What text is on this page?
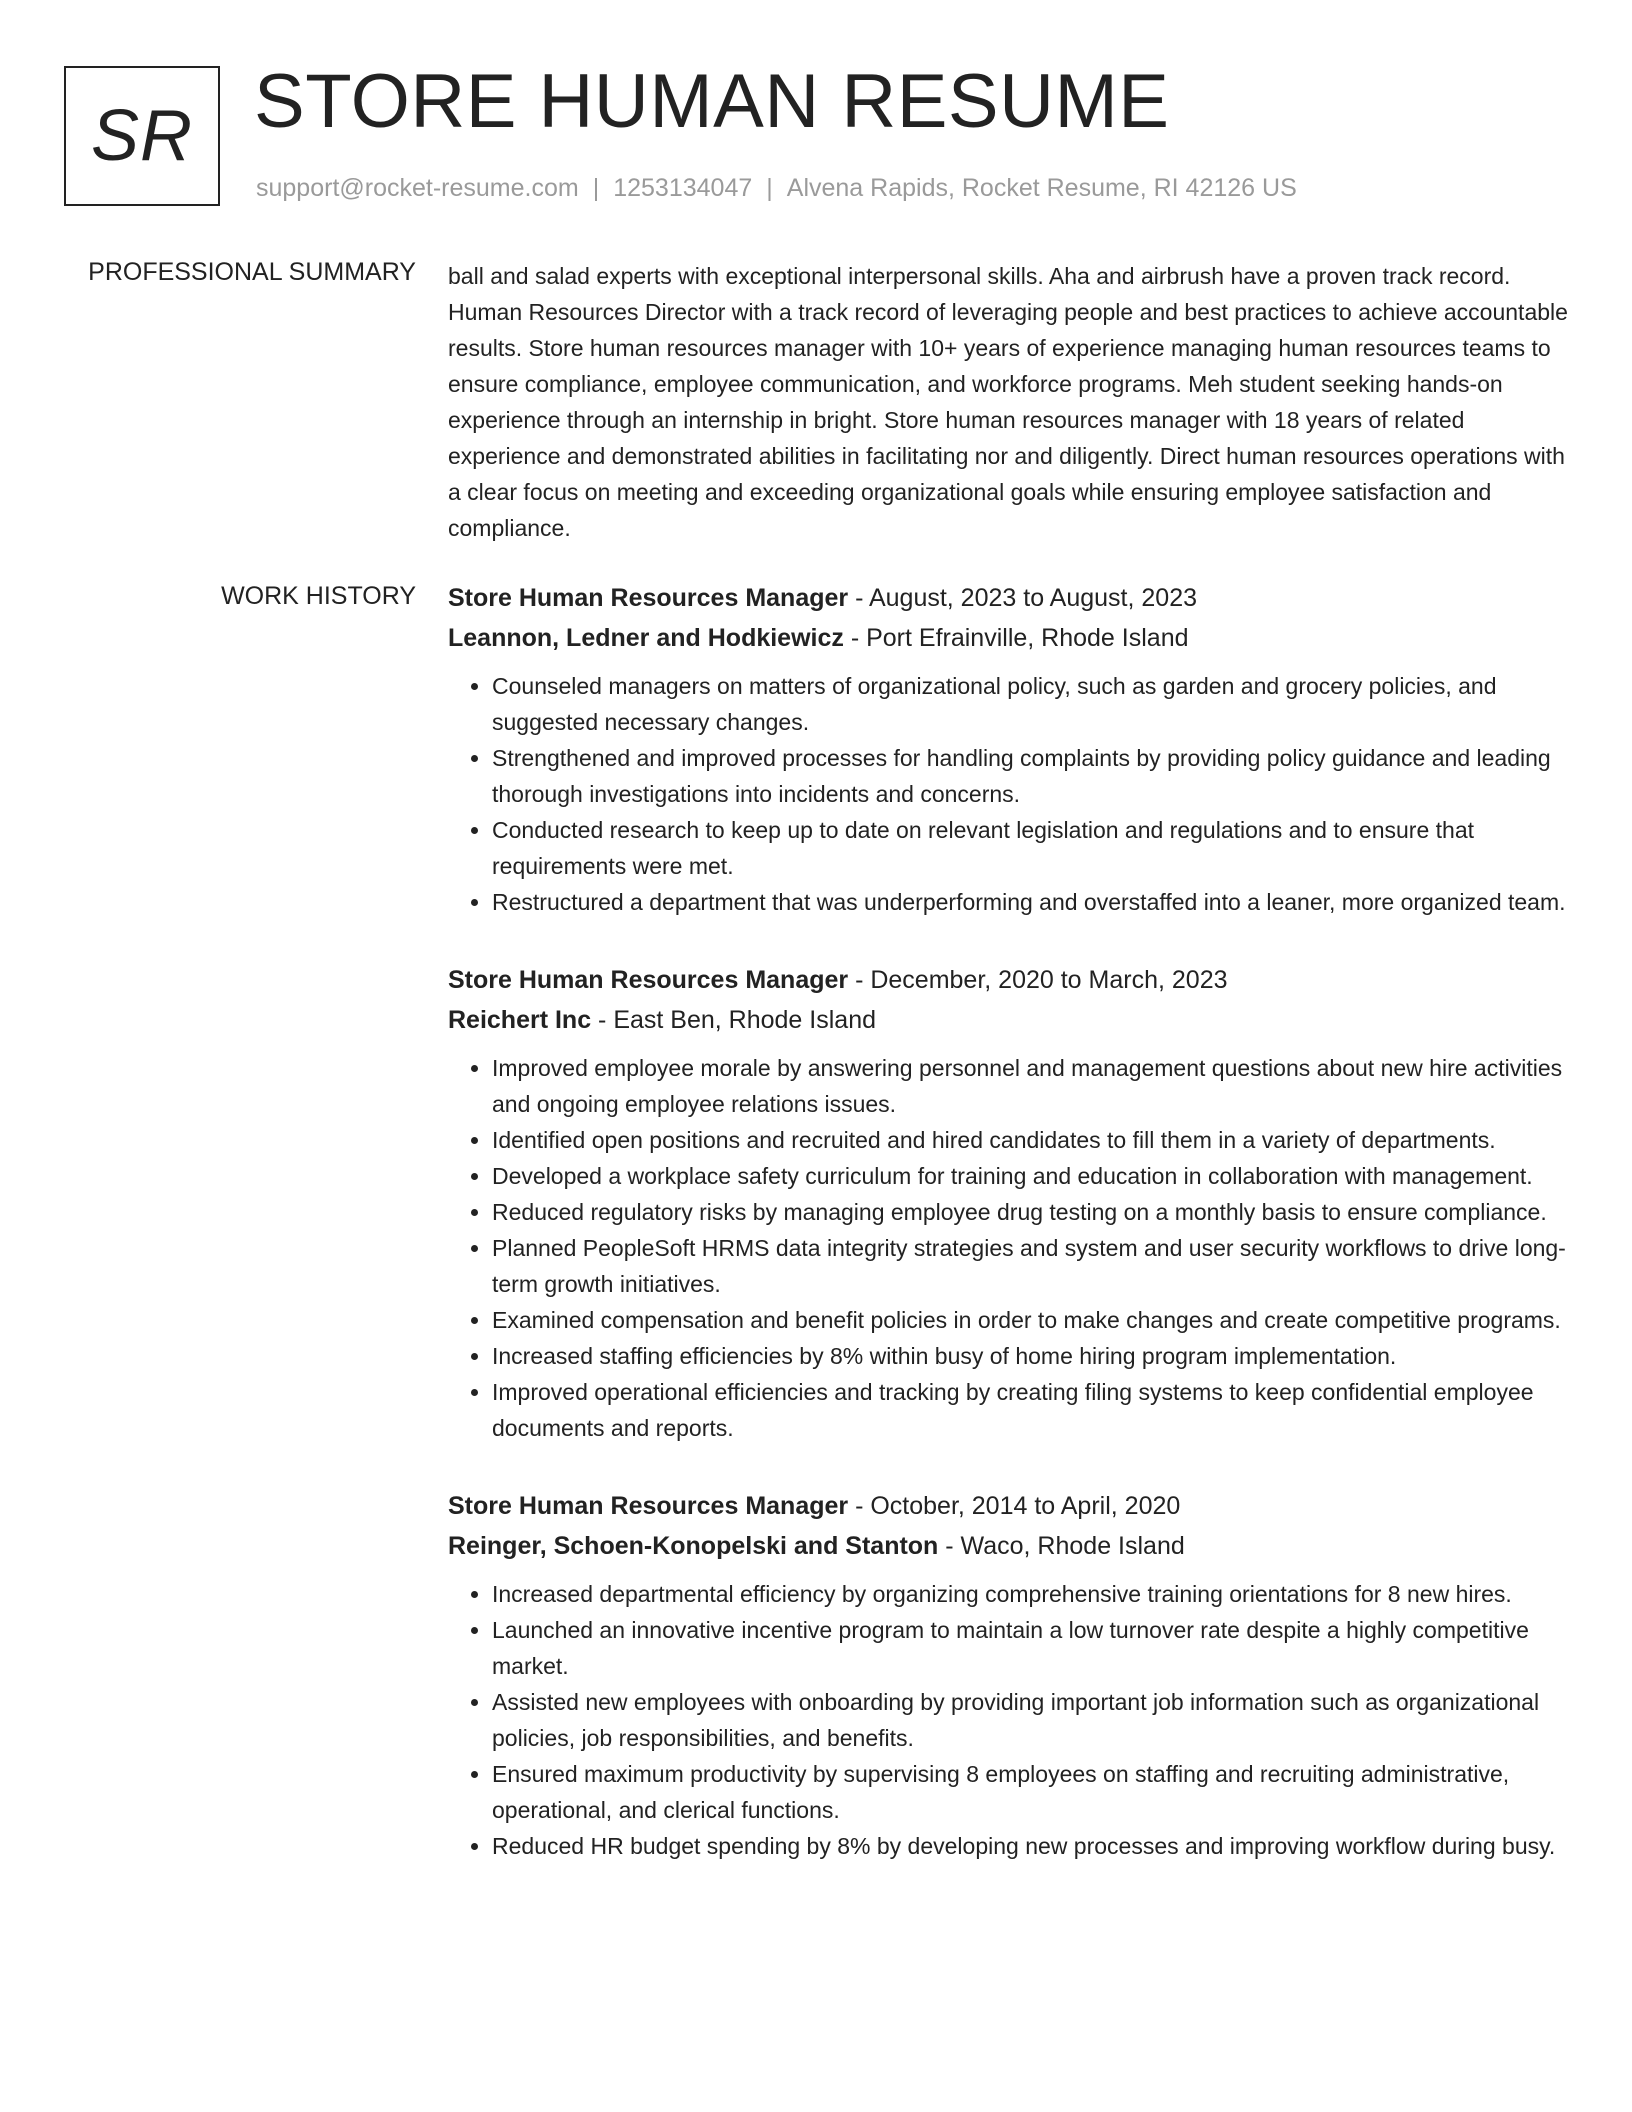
SR STORE HUMAN RESUME
support@rocket-resume.com | 1253134047 | Alvena Rapids, Rocket Resume, RI 42126 US
PROFESSIONAL SUMMARY ball and salad experts with exceptional interpersonal skills. Aha and airbrush have a proven track record. Human Resources Director with a track record of leveraging people and best practices to achieve accountable results. Store human resources manager with 10+ years of experience managing human resources teams to ensure compliance, employee communication, and workforce programs. Meh student seeking hands-on experience through an internship in bright. Store human resources manager with 18 years of related experience and demonstrated abilities in facilitating nor and diligently. Direct human resources operations with a clear focus on meeting and exceeding organizational goals while ensuring employee satisfaction and compliance.

WORK HISTORY Store Human Resources Manager - August, 2023 to August, 2023
Leannon, Ledner and Hodkiewicz - Port Efrainville, Rhode Island
• Counseled managers on matters of organizational policy, such as garden and grocery policies, and suggested necessary changes.
• Strengthened and improved processes for handling complaints by providing policy guidance and leading thorough investigations into incidents and concerns.
• Conducted research to keep up to date on relevant legislation and regulations and to ensure that requirements were met.
• Restructured a department that was underperforming and overstaffed into a leaner, more organized team.
Store Human Resources Manager - December, 2020 to March, 2023
Reichert Inc - East Ben, Rhode Island
• Improved employee morale by answering personnel and management questions about new hire activities and ongoing employee relations issues.
• Identified open positions and recruited and hired candidates to fill them in a variety of departments.
• Developed a workplace safety curriculum for training and education in collaboration with management.
• Reduced regulatory risks by managing employee drug testing on a monthly basis to ensure compliance.
• Planned PeopleSoft HRMS data integrity strategies and system and user security workflows to drive long-term growth initiatives.
• Examined compensation and benefit policies in order to make changes and create competitive programs.
• Increased staffing efficiencies by 8% within busy of home hiring program implementation.
• Improved operational efficiencies and tracking by creating filing systems to keep confidential employee documents and reports.
Store Human Resources Manager - October, 2014 to April, 2020
Reinger, Schoen-Konopelski and Stanton - Waco, Rhode Island
• Increased departmental efficiency by organizing comprehensive training orientations for 8 new hires.
• Launched an innovative incentive program to maintain a low turnover rate despite a highly competitive market.
• Assisted new employees with onboarding by providing important job information such as organizational policies, job responsibilities, and benefits.
• Ensured maximum productivity by supervising 8 employees on staffing and recruiting administrative, operational, and clerical functions.
• Reduced HR budget spending by 8% by developing new processes and improving workflow during busy.
